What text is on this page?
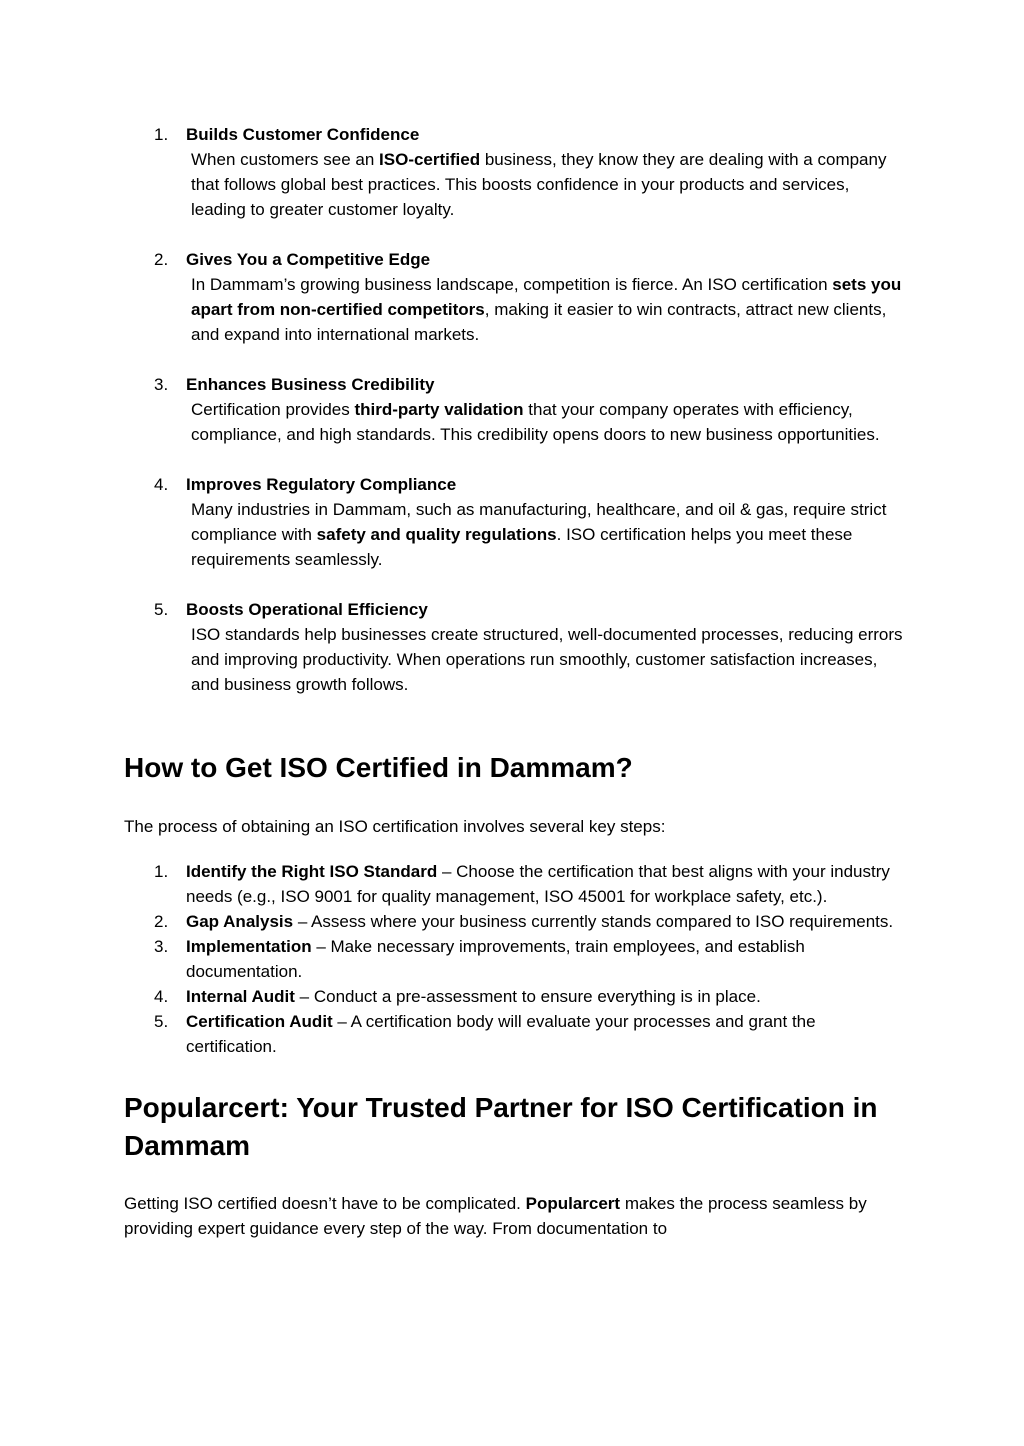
1. Builds Customer Confidence
When customers see an ISO-certified business, they know they are dealing with a company that follows global best practices. This boosts confidence in your products and services, leading to greater customer loyalty.
2. Gives You a Competitive Edge
In Dammam’s growing business landscape, competition is fierce. An ISO certification sets you apart from non-certified competitors, making it easier to win contracts, attract new clients, and expand into international markets.
3. Enhances Business Credibility
Certification provides third-party validation that your company operates with efficiency, compliance, and high standards. This credibility opens doors to new business opportunities.
4. Improves Regulatory Compliance
Many industries in Dammam, such as manufacturing, healthcare, and oil & gas, require strict compliance with safety and quality regulations. ISO certification helps you meet these requirements seamlessly.
5. Boosts Operational Efficiency
ISO standards help businesses create structured, well-documented processes, reducing errors and improving productivity. When operations run smoothly, customer satisfaction increases, and business growth follows.
How to Get ISO Certified in Dammam?

The process of obtaining an ISO certification involves several key steps:

1. Identify the Right ISO Standard – Choose the certification that best aligns with your industry needs (e.g., ISO 9001 for quality management, ISO 45001 for workplace safety, etc.).
2. Gap Analysis – Assess where your business currently stands compared to ISO requirements.
3. Implementation – Make necessary improvements, train employees, and establish documentation.
4. Internal Audit – Conduct a pre-assessment to ensure everything is in place.
5. Certification Audit – A certification body will evaluate your processes and grant the certification.
Popularcert: Your Trusted Partner for ISO Certification in Dammam

Getting ISO certified doesn’t have to be complicated. Popularcert makes the process seamless by providing expert guidance every step of the way. From documentation to
